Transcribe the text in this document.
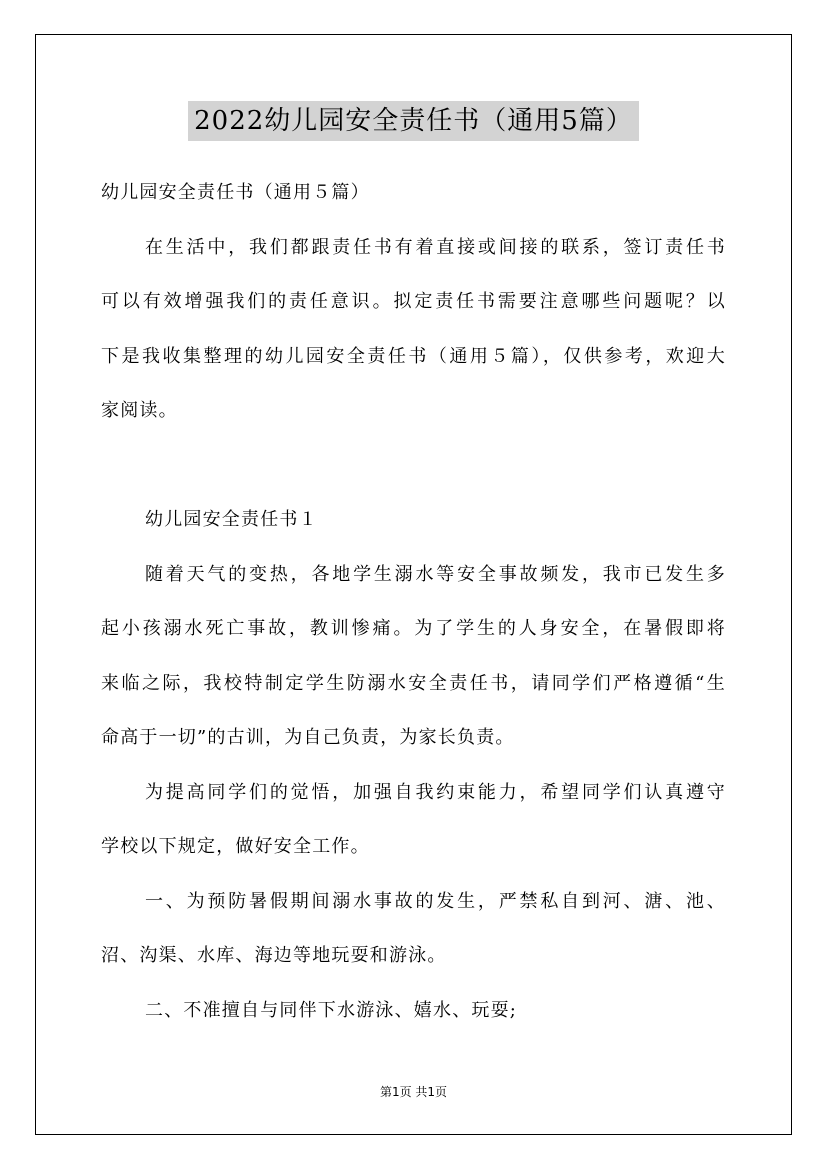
2022幼儿园安全责任书（通用5篇）
幼儿园安全责任书（通用５篇）
在生活中，我们都跟责任书有着直接或间接的联系，签订责任书
可以有效增强我们的责任意识。拟定责任书需要注意哪些问题呢？以
下是我收集整理的幼儿园安全责任书（通用５篇），仅供参考，欢迎大
家阅读。
幼儿园安全责任书１
随着天气的变热，各地学生溺水等安全事故频发，我市已发生多
起小孩溺水死亡事故，教训惨痛。为了学生的人身安全，在暑假即将
来临之际，我校特制定学生防溺水安全责任书，请同学们严格遵循“生
命高于一切”的古训，为自己负责，为家长负责。
为提高同学们的觉悟，加强自我约束能力，希望同学们认真遵守
学校以下规定，做好安全工作。
一、为预防暑假期间溺水事故的发生，严禁私自到河、溏、池、
沼、沟渠、水库、海边等地玩耍和游泳。
二、不准擅自与同伴下水游泳、嬉水、玩耍;
第1页 共1页
